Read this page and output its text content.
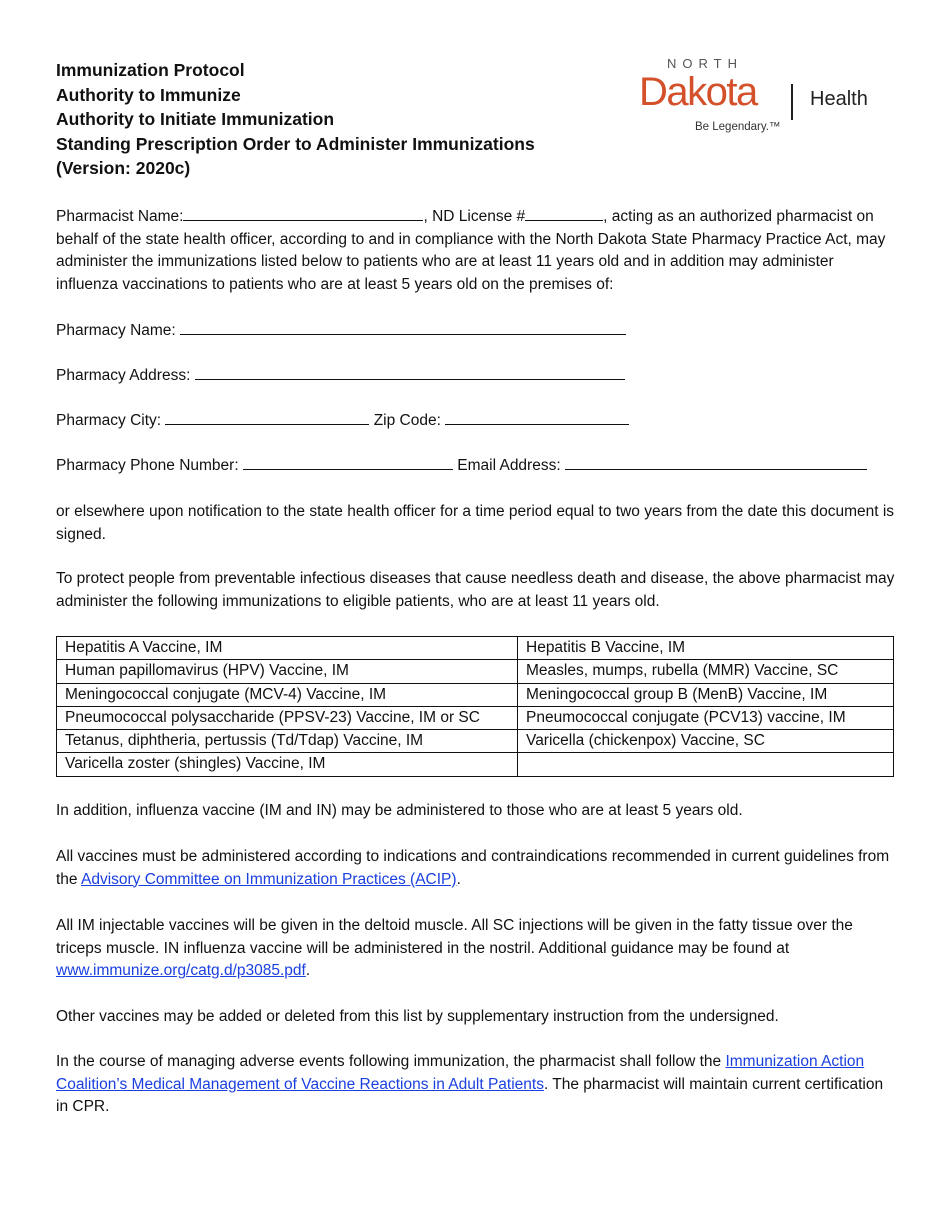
Immunization Protocol

Authority to Immunize

Authority to Initiate Immunization

Standing Prescription Order to Administer Immunizations

(Version: 2020c)

NORTH
Dakota	Health
Be Legendary.™

Pharmacist Name:	, ND License #	, acting as an authorized pharmacist on behalf of the state health officer, according to and in compliance with the North Dakota State Pharmacy Practice Act, may administer the immunizations listed below to patients who are at least 11 years old and in addition may administer influenza vaccinations to patients who are at least 5 years old on the premises of:

Pharmacy Name:
Pharmacy Address:
Pharmacy City:	Zip Code:
Pharmacy Phone Number:	Email Address:

or elsewhere upon notification to the state health officer for a time period equal to two years from the date this document is signed.

To protect people from preventable infectious diseases that cause needless death and disease, the above pharmacist may administer the following immunizations to eligible patients, who are at least 11 years old.

Hepatitis A Vaccine, IM	Hepatitis B Vaccine, IM
Human papillomavirus (HPV) Vaccine, IM	Measles, mumps, rubella (MMR) Vaccine, SC
Meningococcal conjugate (MCV-4) Vaccine, IM	Meningococcal group B (MenB) Vaccine, IM
Pneumococcal polysaccharide (PPSV-23) Vaccine, IM or SC	Pneumococcal conjugate (PCV13) vaccine, IM
Tetanus, diphtheria, pertussis (Td/Tdap) Vaccine, IM	Varicella (chickenpox) Vaccine, SC
Varicella zoster (shingles) Vaccine, IM	

In addition, influenza vaccine (IM and IN) may be administered to those who are at least 5 years old.

All vaccines must be administered according to indications and contraindications recommended in current guidelines from the Advisory Committee on Immunization Practices (ACIP).

All IM injectable vaccines will be given in the deltoid muscle. All SC injections will be given in the fatty tissue over the triceps muscle. IN influenza vaccine will be administered in the nostril. Additional guidance may be found at www.immunize.org/catg.d/p3085.pdf.

Other vaccines may be added or deleted from this list by supplementary instruction from the undersigned.

In the course of managing adverse events following immunization, the pharmacist shall follow the Immunization Action Coalition’s Medical Management of Vaccine Reactions in Adult Patients. The pharmacist will maintain current certification in CPR.
